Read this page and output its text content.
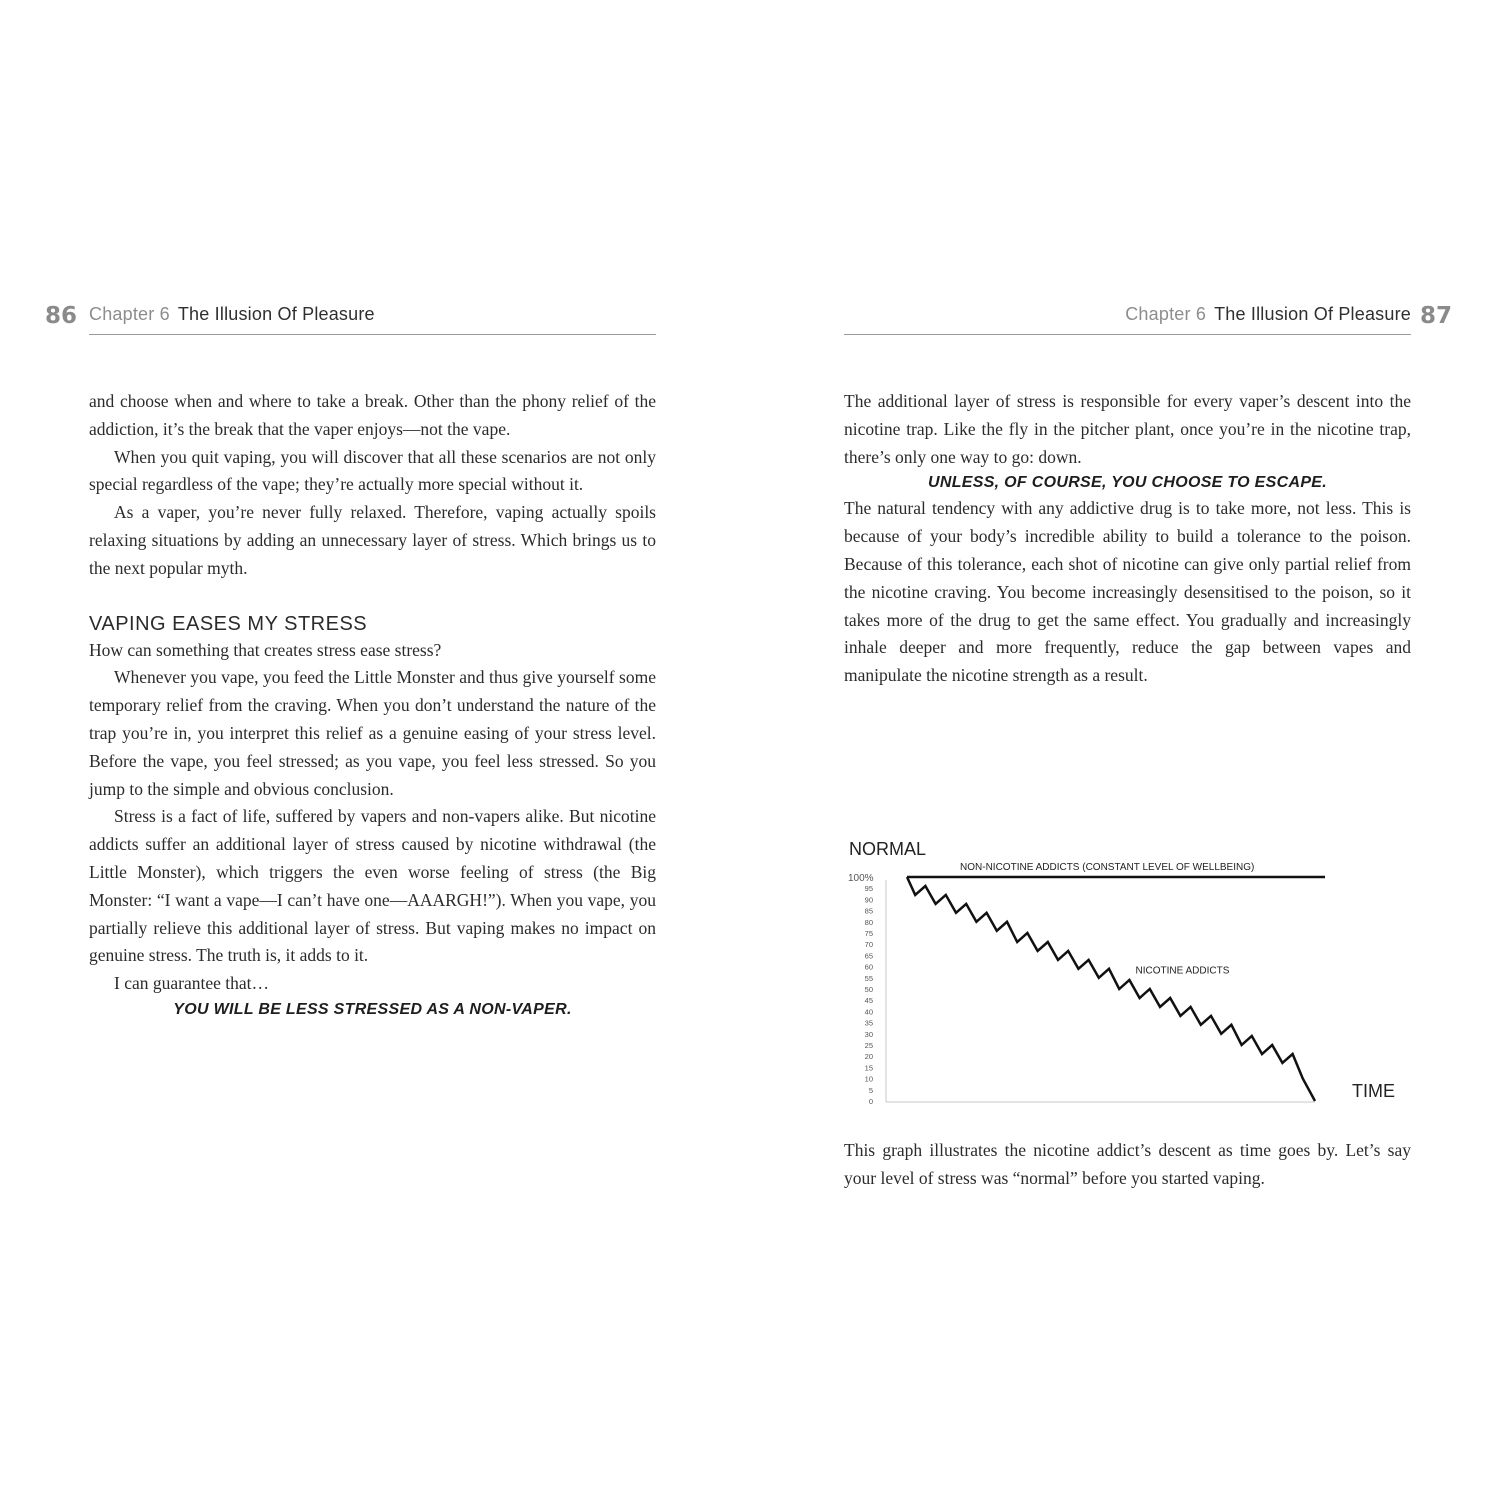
86 Chapter 6 The Illusion Of Pleasure

and choose when and where to take a break. Other than the phony relief of the addiction, it’s the break that the vaper enjoys—not the vape.

When you quit vaping, you will discover that all these scenarios are not only special regardless of the vape; they’re actually more special without it.

As a vaper, you’re never fully relaxed. Therefore, vaping actually spoils relaxing situations by adding an unnecessary layer of stress. Which brings us to the next popular myth.

VAPING EASES MY STRESS

How can something that creates stress ease stress?

Whenever you vape, you feed the Little Monster and thus give yourself some temporary relief from the craving. When you don’t understand the nature of the trap you’re in, you interpret this relief as a genuine easing of your stress level. Before the vape, you feel stressed; as you vape, you feel less stressed. So you jump to the simple and obvious conclusion.

Stress is a fact of life, suffered by vapers and non-vapers alike. But nicotine addicts suffer an additional layer of stress caused by nicotine withdrawal (the Little Monster), which triggers the even worse feeling of stress (the Big Monster: “I want a vape—I can’t have one—AAARGH!”). When you vape, you partially relieve this additional layer of stress. But vaping makes no impact on genuine stress. The truth is, it adds to it.

I can guarantee that…

YOU WILL BE LESS STRESSED AS A NON-VAPER.

Chapter 6 The Illusion Of Pleasure 87

The additional layer of stress is responsible for every vaper’s descent into the nicotine trap. Like the fly in the pitcher plant, once you’re in the nicotine trap, there’s only one way to go: down.

UNLESS, OF COURSE, YOU CHOOSE TO ESCAPE.

The natural tendency with any addictive drug is to take more, not less. This is because of your body’s incredible ability to build a tolerance to the poison. Because of this tolerance, each shot of nicotine can give only partial relief from the nicotine craving. You become increasingly desensitised to the poison, so it takes more of the drug to get the same effect. You gradually and increasingly inhale deeper and more frequently, reduce the gap between vapes and manipulate the nicotine strength as a result.

NORMAL
TIME
100%
95
90
85
80
75
70
65
60
55
50
45
40
35
30
25
20
15
10
5
0
NON-NICOTINE ADDICTS (CONSTANT LEVEL OF WELLBEING)
NICOTINE ADDICTS
This graph illustrates the nicotine addict’s descent as time goes by. Let’s say your level of stress was “normal” before you started vaping.
